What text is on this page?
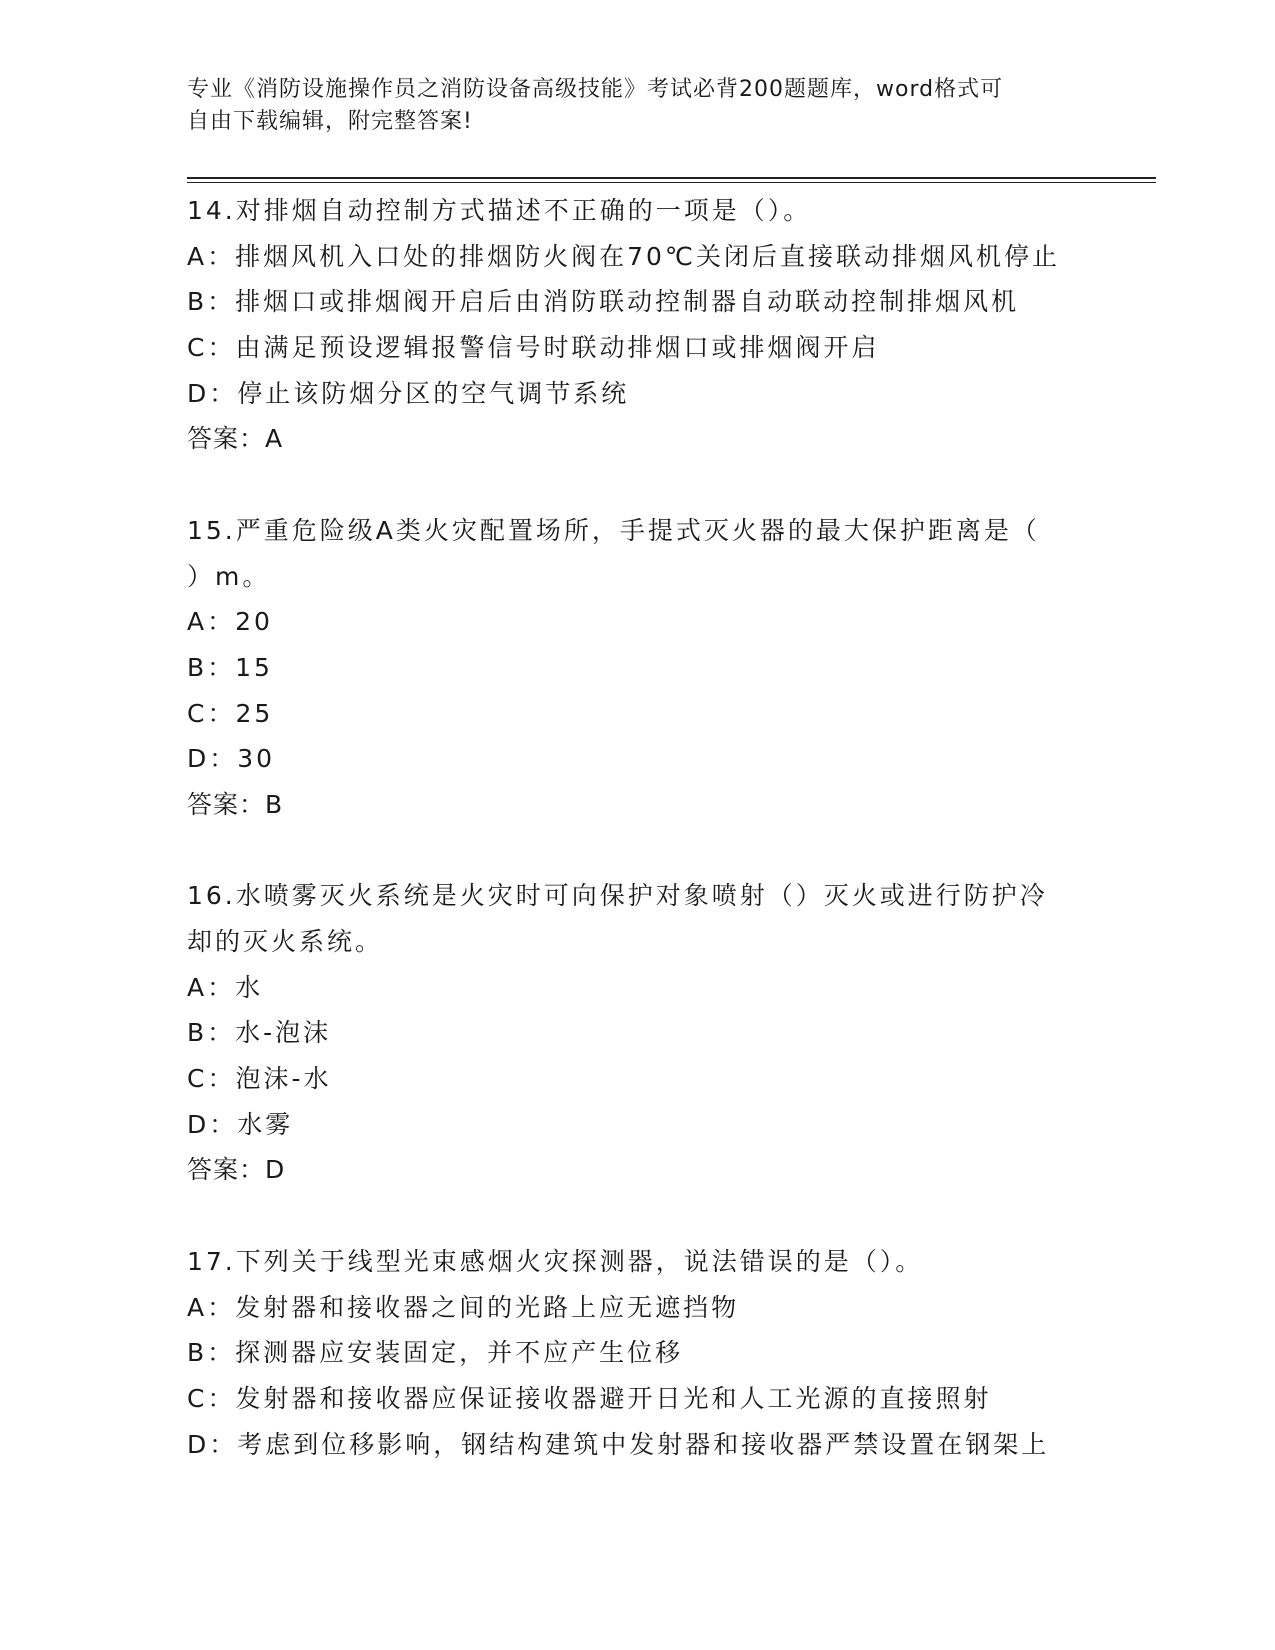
专业《消防设施操作员之消防设备高级技能》考试必背200题题库，word格式可
自由下载编辑，附完整答案!
14.对排烟自动控制方式描述不正确的一项是（）。
A：排烟风机入口处的排烟防火阀在70℃关闭后直接联动排烟风机停止
B：排烟口或排烟阀开启后由消防联动控制器自动联动控制排烟风机
C：由满足预设逻辑报警信号时联动排烟口或排烟阀开启
D：停止该防烟分区的空气调节系统
答案：A
15.严重危险级A类火灾配置场所，手提式灭火器的最大保护距离是（
）m。
A：20
B：15
C：25
D：30
答案：B
16.水喷雾灭火系统是火灾时可向保护对象喷射（）灭火或进行防护冷
却的灭火系统。
A：水
B：水-泡沫
C：泡沫-水
D：水雾
答案：D
17.下列关于线型光束感烟火灾探测器，说法错误的是（）。
A：发射器和接收器之间的光路上应无遮挡物
B：探测器应安装固定，并不应产生位移
C：发射器和接收器应保证接收器避开日光和人工光源的直接照射
D：考虑到位移影响，钢结构建筑中发射器和接收器严禁设置在钢架上
